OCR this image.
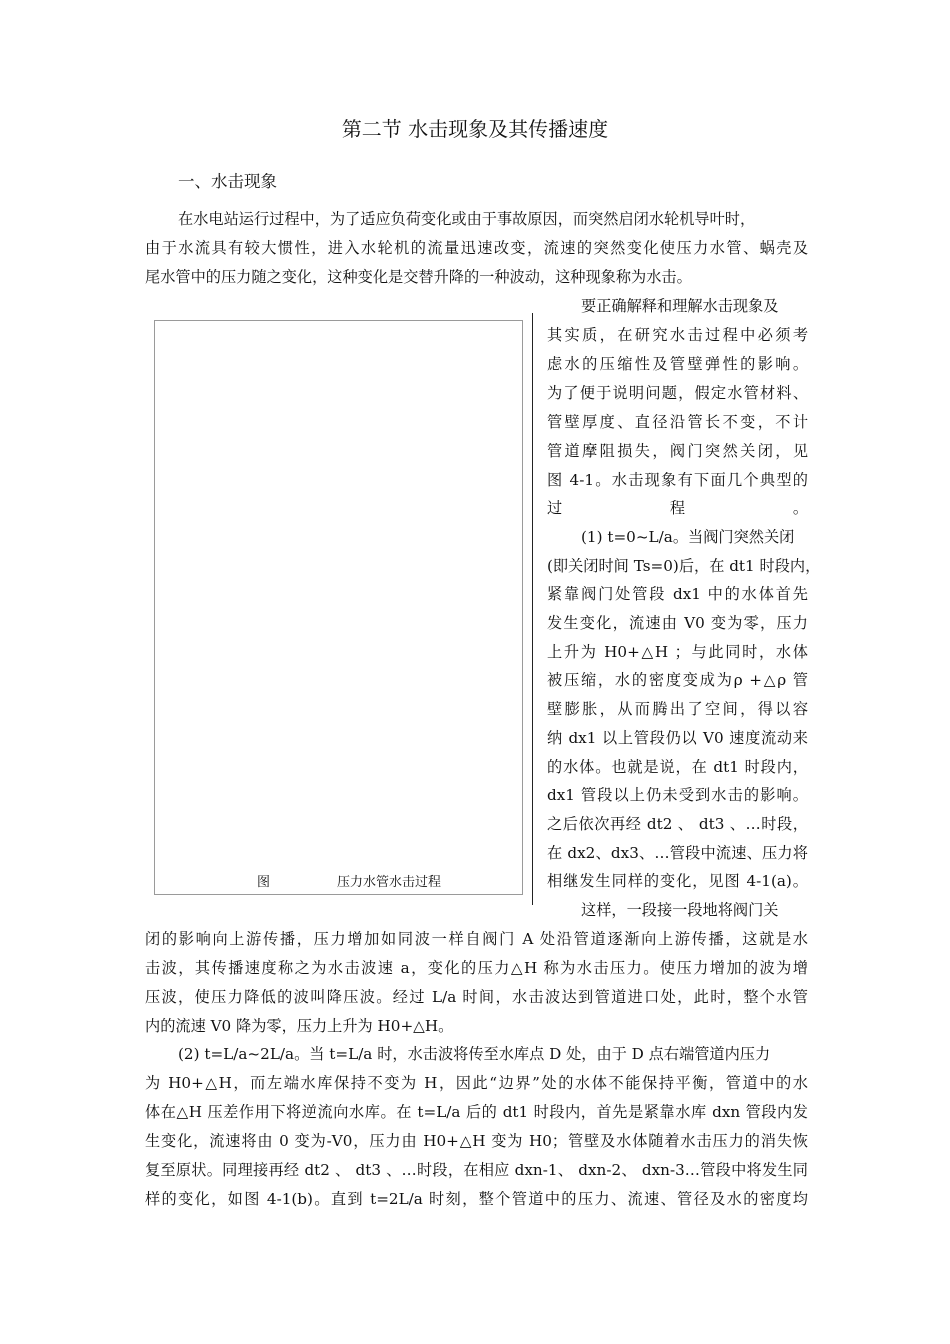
第二节 水击现象及其传播速度
一、水击现象
图	压力水管水击过程
在水电站运行过程中，为了适应负荷变化或由于事故原因，而突然启闭水轮机导叶时，
由于水流具有较大惯性，进入水轮机的流量迅速改变，流速的突然变化使压力水管、蜗壳及
尾水管中的压力随之变化，这种变化是交替升降的一种波动，这种现象称为水击。
要正确解释和理解水击现象及
其实质，在研究水击过程中必须考
虑水的压缩性及管壁弹性的影响。
为了便于说明问题，假定水管材料、
管壁厚度、直径沿管长不变，不计
管道摩阻损失，阀门突然关闭，见
图 4-1。水击现象有下面几个典型的
过程。
(1) t=0~L/a。当阀门突然关闭
(即关闭时间 Ts=0)后，在 dt1 时段内，
紧靠阀门处管段 dx1 中的水体首先
发生变化，流速由 V0 变为零，压力
上升为 H0+△H ；与此同时，水体
被压缩，水的密度变成为ρ +△ρ 管
壁膨胀，从而腾出了空间，得以容
纳 dx1 以上管段仍以 V0 速度流动来
的水体。也就是说，在 dt1 时段内，
dx1 管段以上仍未受到水击的影响。
之后依次再经 dt2 、 dt3 、…时段，
在 dx2、dx3、…管段中流速、压力将
相继发生同样的变化，见图 4-1(a)。
这样，一段接一段地将阀门关
闭的影响向上游传播，压力增加如同波一样自阀门 A 处沿管道逐渐向上游传播，这就是水
击波，其传播速度称之为水击波速 a，变化的压力△H 称为水击压力。使压力增加的波为增
压波，使压力降低的波叫降压波。经过 L/a 时间，水击波达到管道进口处，此时，整个水管
内的流速 V0 降为零，压力上升为 H0+△H。
(2) t=L/a~2L/a。当 t=L/a 时，水击波将传至水库点 D 处，由于 D 点右端管道内压力
为 H0+△H，而左端水库保持不变为 H，因此“边界”处的水体不能保持平衡，管道中的水
体在△H 压差作用下将逆流向水库。在 t=L/a 后的 dt1 时段内，首先是紧靠水库 dxn 管段内发
生变化，流速将由 0 变为-V0，压力由 H0+△H 变为 H0；管壁及水体随着水击压力的消失恢
复至原状。同理接再经 dt2 、 dt3 、…时段，在相应 dxn-1、 dxn-2、 dxn-3…管段中将发生同
样的变化，如图 4-1(b)。直到 t=2L/a 时刻，整个管道中的压力、流速、管径及水的密度均
